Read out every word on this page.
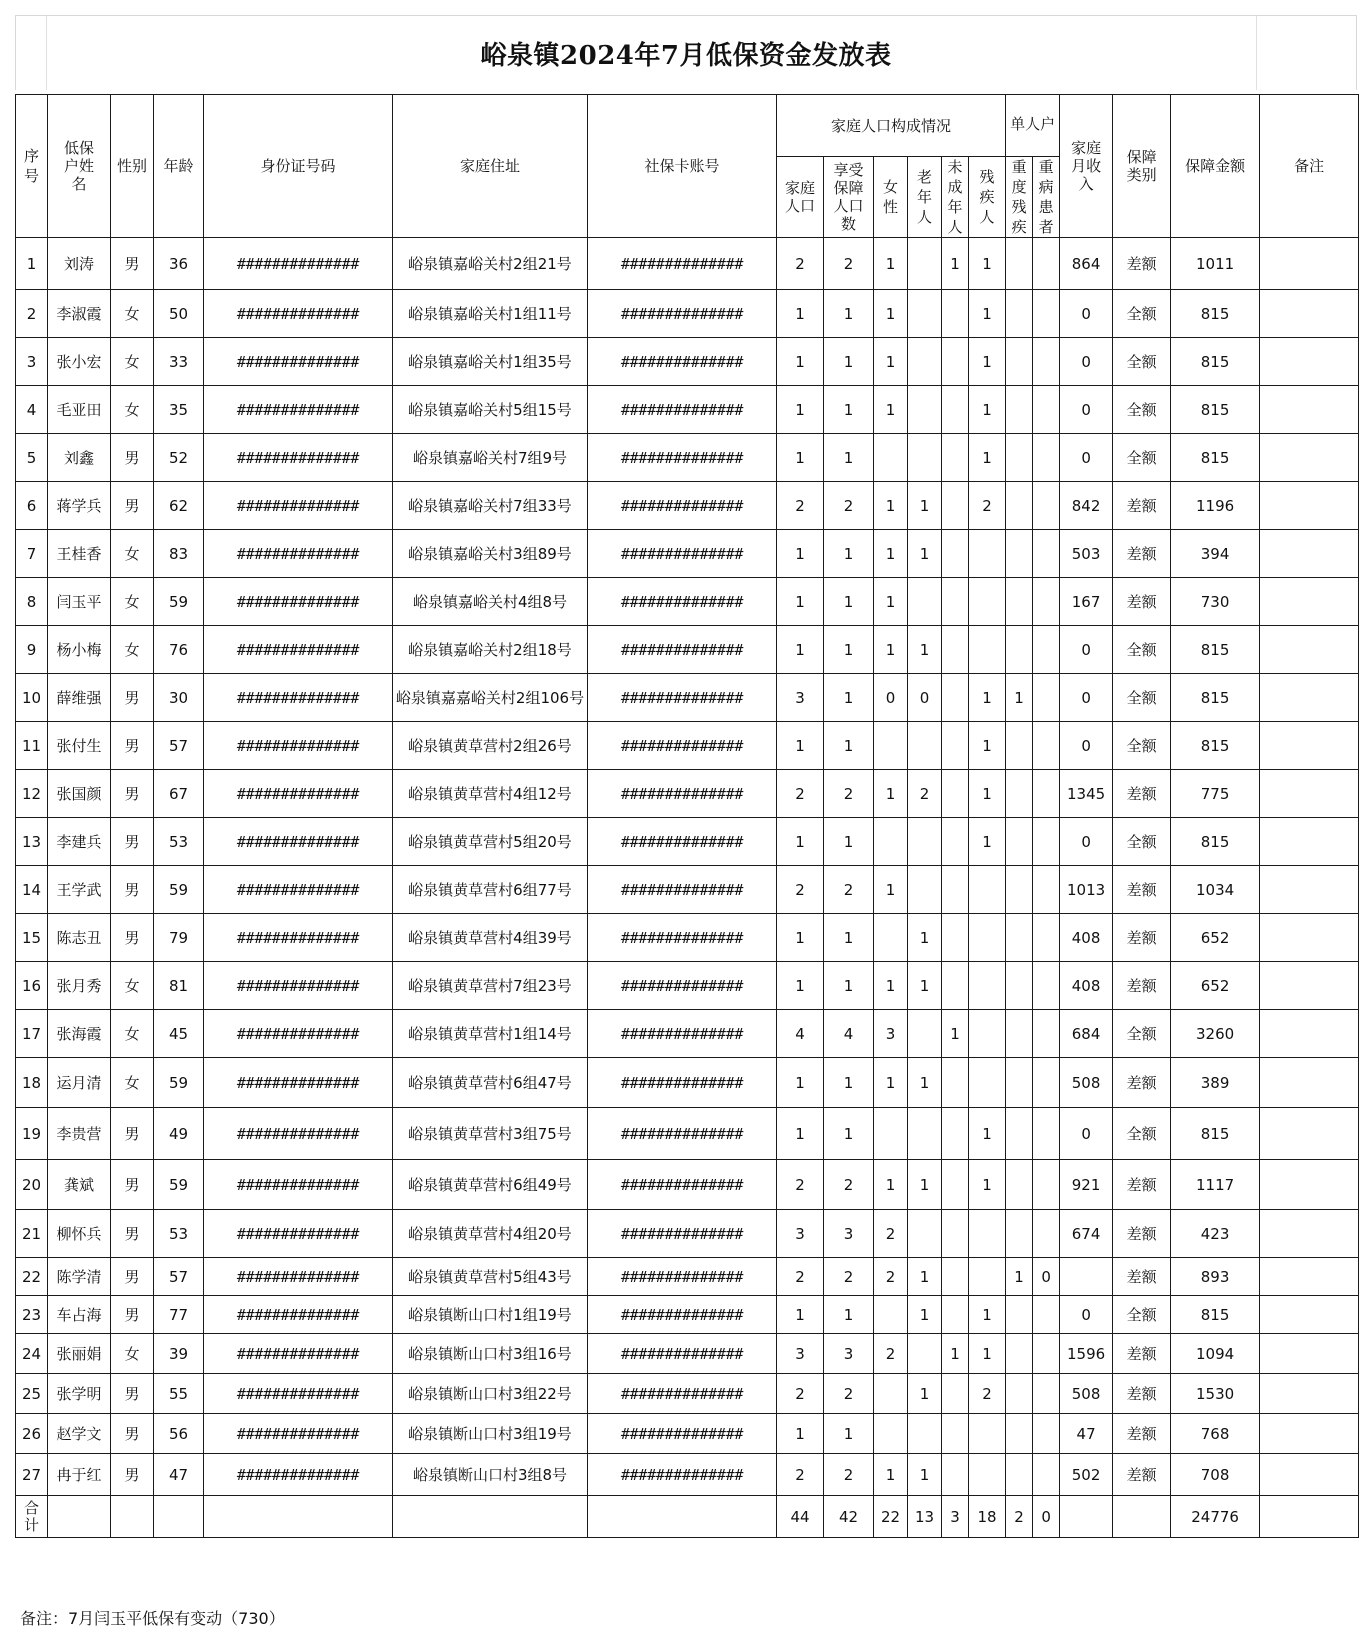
峪泉镇2024年7月低保资金发放表
序号	低保户姓名	性别	年龄	身份证号码	家庭住址	社保卡账号	家庭人口构成情况						单人户		家庭月收入	保障类别	保障金额	备注
							家庭人口	享受保障人口数	女性	老年人	未成年人	残疾人	重度残疾	重病患者				
1	刘涛	男	36	##############	峪泉镇嘉峪关村2组21号	##############	2	2	1		1	1			864	差额	1011	
2	李淑霞	女	50	##############	峪泉镇嘉峪关村1组11号	##############	1	1	1			1			0	全额	815	
3	张小宏	女	33	##############	峪泉镇嘉峪关村1组35号	##############	1	1	1			1			0	全额	815	
4	毛亚田	女	35	##############	峪泉镇嘉峪关村5组15号	##############	1	1	1			1			0	全额	815	
5	刘鑫	男	52	##############	峪泉镇嘉峪关村7组9号	##############	1	1				1			0	全额	815	
6	蒋学兵	男	62	##############	峪泉镇嘉峪关村7组33号	##############	2	2	1	1		2			842	差额	1196	
7	王桂香	女	83	##############	峪泉镇嘉峪关村3组89号	##############	1	1	1	1					503	差额	394	
8	闫玉平	女	59	##############	峪泉镇嘉峪关村4组8号	##############	1	1	1						167	差额	730	
9	杨小梅	女	76	##############	峪泉镇嘉峪关村2组18号	##############	1	1	1	1					0	全额	815	
10	薛维强	男	30	##############	峪泉镇嘉嘉峪关村2组106号	##############	3	1	0	0		1	1		0	全额	815	
11	张付生	男	57	##############	峪泉镇黄草营村2组26号	##############	1	1				1			0	全额	815	
12	张国颜	男	67	##############	峪泉镇黄草营村4组12号	##############	2	2	1	2		1			1345	差额	775	
13	李建兵	男	53	##############	峪泉镇黄草营村5组20号	##############	1	1				1			0	全额	815	
14	王学武	男	59	##############	峪泉镇黄草营村6组77号	##############	2	2	1						1013	差额	1034	
15	陈志丑	男	79	##############	峪泉镇黄草营村4组39号	##############	1	1		1					408	差额	652	
16	张月秀	女	81	##############	峪泉镇黄草营村7组23号	##############	1	1	1	1					408	差额	652	
17	张海霞	女	45	##############	峪泉镇黄草营村1组14号	##############	4	4	3		1				684	全额	3260	
18	运月清	女	59	##############	峪泉镇黄草营村6组47号	##############	1	1	1	1					508	差额	389	
19	李贵营	男	49	##############	峪泉镇黄草营村3组75号	##############	1	1				1			0	全额	815	
20	龚斌	男	59	##############	峪泉镇黄草营村6组49号	##############	2	2	1	1		1			921	差额	1117	
21	柳怀兵	男	53	##############	峪泉镇黄草营村4组20号	##############	3	3	2						674	差额	423	
22	陈学清	男	57	##############	峪泉镇黄草营村5组43号	##############	2	2	2	1			1	0		差额	893	
23	车占海	男	77	##############	峪泉镇断山口村1组19号	##############	1	1		1		1			0	全额	815	
24	张丽娟	女	39	##############	峪泉镇断山口村3组16号	##############	3	3	2		1	1			1596	差额	1094	
25	张学明	男	55	##############	峪泉镇断山口村3组22号	##############	2	2		1		2			508	差额	1530	
26	赵学文	男	56	##############	峪泉镇断山口村3组19号	##############	1	1							47	差额	768	
27	冉于红	男	47	##############	峪泉镇断山口村3组8号	##############	2	2	1	1					502	差额	708	
合计							44	42	22	13	3	18	2	0			24776	
备注：7月闫玉平低保有变动（730）
